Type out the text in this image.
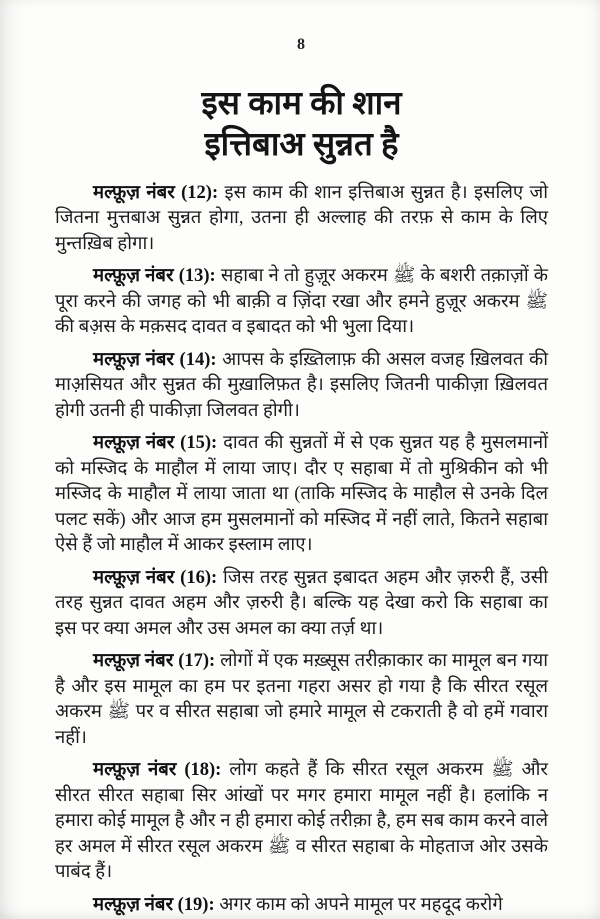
8
इस काम की शान
इत्तिबाअ सुन्नत है

मल्फ़ूज़ नंबर (12): इस काम की शान इत्तिबाअ सुन्नत है। इसलिए जो जितना मुत्तबाअ सुन्नत होगा, उतना ही अल्लाह की तरफ़ से काम के लिए मुन्तख़िब होगा।

मल्फ़ूज़ नंबर (13): सहाबा ने तो हुज़ूर अकरम ﷺ के बशरी तक़ाज़ों के पूरा करने की जगह को भी बाक़ी व ज़िंदा रखा और हमने हुज़ूर अकरम ﷺ की बअ़स के मक़सद दावत व इबादत को भी भुला दिया।

मल्फ़ूज़ नंबर (14): आपस के इख़्तिलाफ़ की असल वजह ख़िलवत की माअ़सियत और सुन्नत की मुख़ालिफ़त है। इसलिए जितनी पाकीज़ा ख़िलवत होगी उतनी ही पाकीज़ा जिलवत होगी।

मल्फ़ूज़ नंबर (15): दावत की सुन्नतों में से एक सुन्नत यह है मुसलमानों को मस्जिद के माहौल में लाया जाए। दौर ए सहाबा में तो मुश्रिकीन को भी मस्जिद के माहौल में लाया जाता था (ताकि मस्जिद के माहौल से उनके दिल पलट सकें) और आज हम मुसलमानों को मस्जिद में नहीं लाते, कितने सहाबा ऐसे हैं जो माहौल में आकर इस्लाम लाए।

मल्फ़ूज़ नंबर (16): जिस तरह सुन्नत इबादत अहम और ज़रुरी हैं, उसी तरह सुन्नत दावत अहम और ज़रुरी है। बल्कि यह देखा करो कि सहाबा का इस पर क्या अमल और उस अमल का क्या तर्ज़ था।

मल्फ़ूज़ नंबर (17): लोगों में एक मख़्सूस तरीक़ाकार का मामूल बन गया है और इस मामूल का हम पर इतना गहरा असर हो गया है कि सीरत रसूल अकरम ﷺ पर व सीरत सहाबा जो हमारे मामूल से टकराती है वो हमें गवारा नहीं।

मल्फ़ूज़ नंबर (18): लोग कहते हैं कि सीरत रसूल अकरम ﷺ और सीरत सीरत सहाबा सिर आंखों पर मगर हमारा मामूल नहीं है। हलांकि न हमारा कोई मामूल है और न ही हमारा कोई तरीक़ा है, हम सब काम करने वाले हर अमल में सीरत रसूल अकरम ﷺ व सीरत सहाबा के मोहताज ओर उसके पाबंद हैं।

मल्फ़ूज़ नंबर (19): अगर काम को अपने मामूल पर महदूद करोगे
